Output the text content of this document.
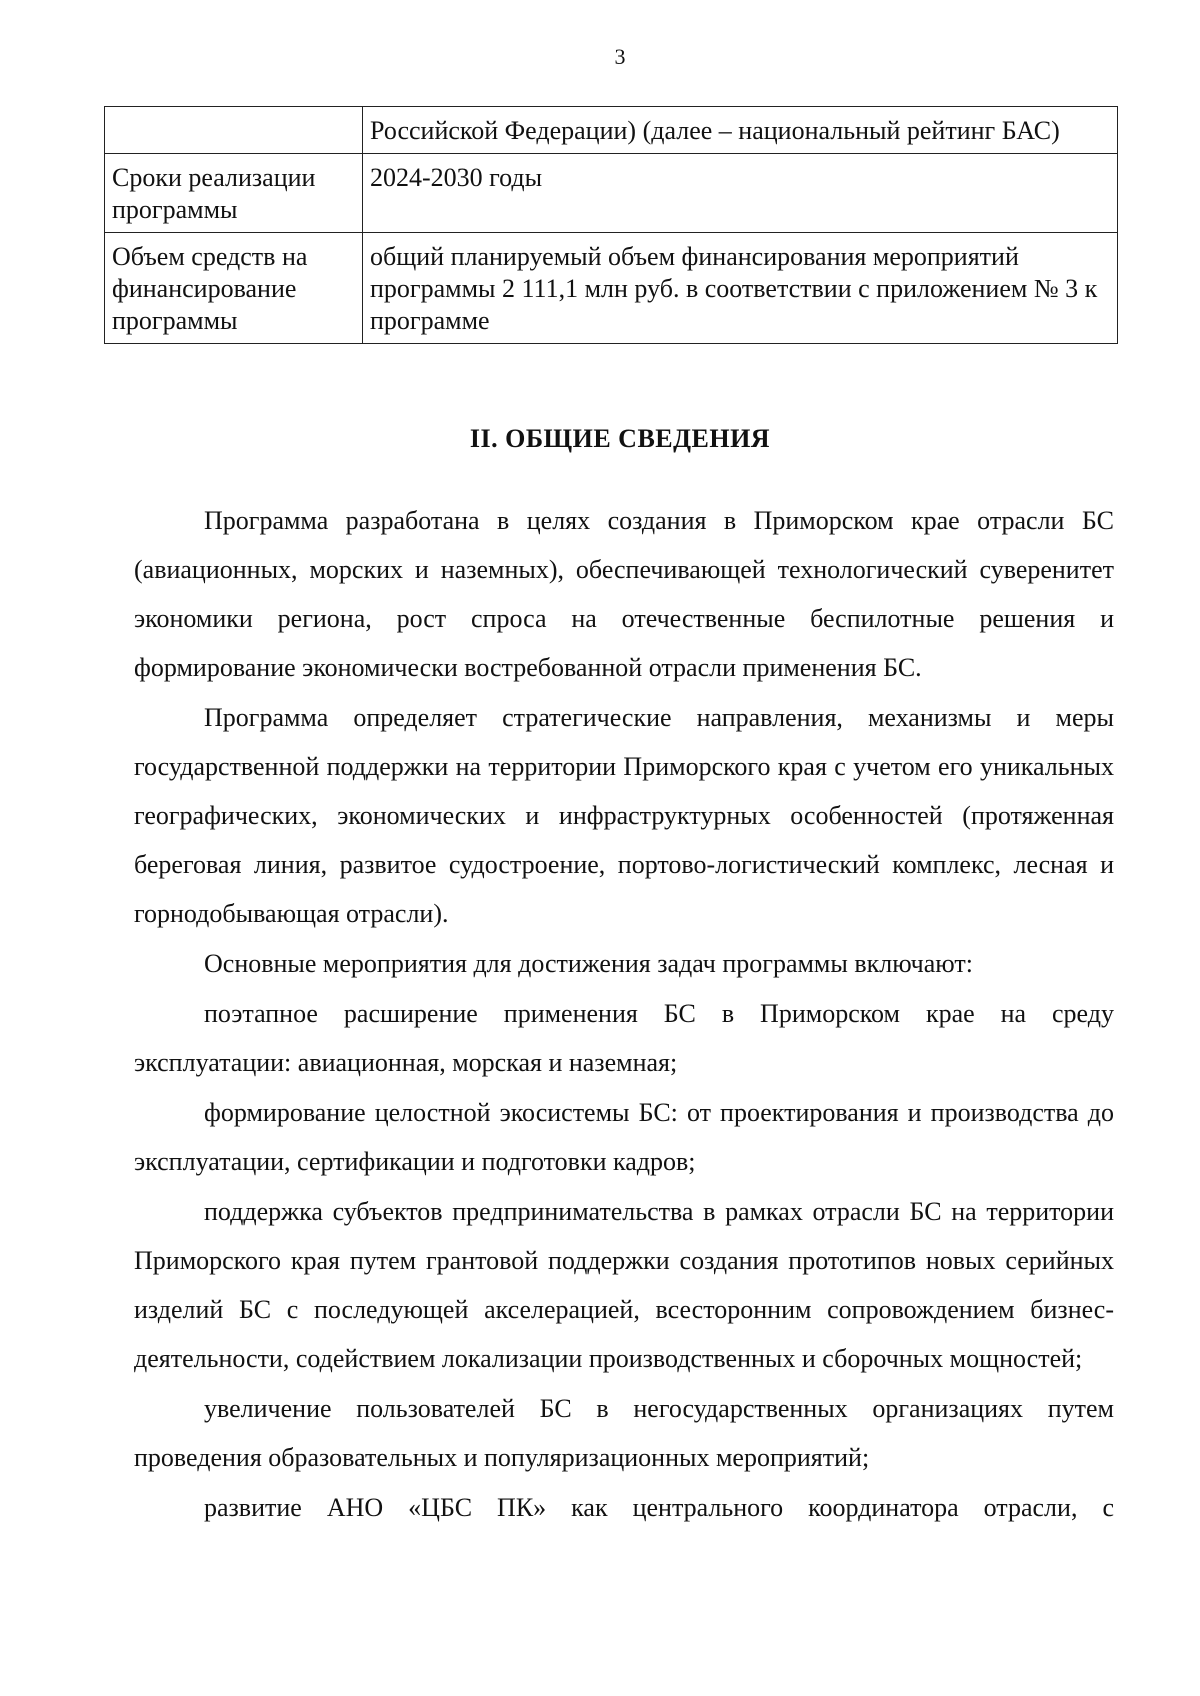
3
	Российской Федерации) (далее – национальный рейтинг БАС)
Сроки реализации программы	2024-2030 годы
Объем средств на финансирование программы	общий планируемый объем финансирования мероприятий программы 2 111,1 млн руб. в соответствии с приложением № 3 к программе
II. ОБЩИЕ СВЕДЕНИЯ

Программа разработана в целях создания в Приморском крае отрасли БС (авиационных, морских и наземных), обеспечивающей технологический суверенитет экономики региона, рост спроса на отечественные беспилотные решения и формирование экономически востребованной отрасли применения БС.

Программа определяет стратегические направления, механизмы и меры государственной поддержки на территории Приморского края с учетом его уникальных географических, экономических и инфраструктурных особенностей (протяженная береговая линия, развитое судостроение, портово-логистический комплекс, лесная и горнодобывающая отрасли).

Основные мероприятия для достижения задач программы включают:

поэтапное расширение применения БС в Приморском крае на среду эксплуатации: авиационная, морская и наземная;

формирование целостной экосистемы БС: от проектирования и производства до эксплуатации, сертификации и подготовки кадров;

поддержка субъектов предпринимательства в рамках отрасли БС на территории Приморского края путем грантовой поддержки создания прототипов новых серийных изделий БС с последующей акселерацией, всесторонним сопровождением бизнес-деятельности, содействием локализации производственных и сборочных мощностей;

увеличение пользователей БС в негосударственных организациях путем проведения образовательных и популяризационных мероприятий;

развитие АНО «ЦБС ПК» как центрального координатора отрасли, с
